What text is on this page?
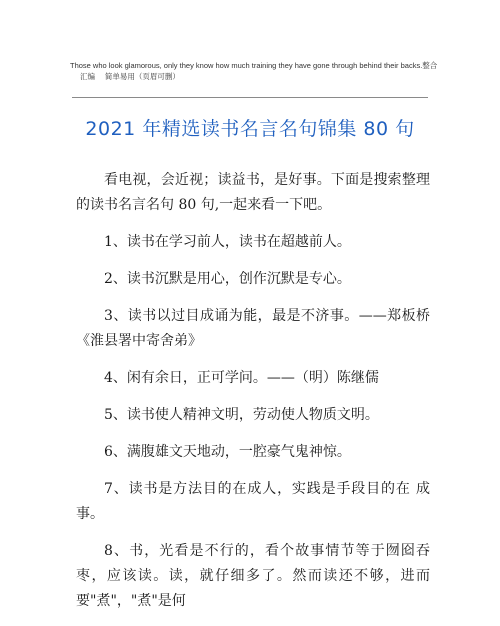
Those who look glamorous, only they know how much training they have gone through behind their backs.整合
汇编　 简单易用（页眉可删）
2021 年精选读书名言名句锦集 80 句

看电视，会近视；读益书，是好事。下面是搜索整理的读书名言名句 80 句,一起来看一下吧。

1、读书在学习前人，读书在超越前人。

2、读书沉默是用心，创作沉默是专心。

3、读书以过目成诵为能，最是不济事。——郑板桥《淮县署中寄舍弟》

4、闲有余日，正可学问。——（明）陈继儒

5、读书使人精神文明，劳动使人物质文明。

6、满腹雄文天地动，一腔豪气鬼神惊。

7、读书是方法目的在成人，实践是手段目的在 成事。

8、书，光看是不行的，看个故事情节等于囫囵吞枣，应该读。读，就仔细多了。然而读还不够，进而要"煮"，"煮"是何
